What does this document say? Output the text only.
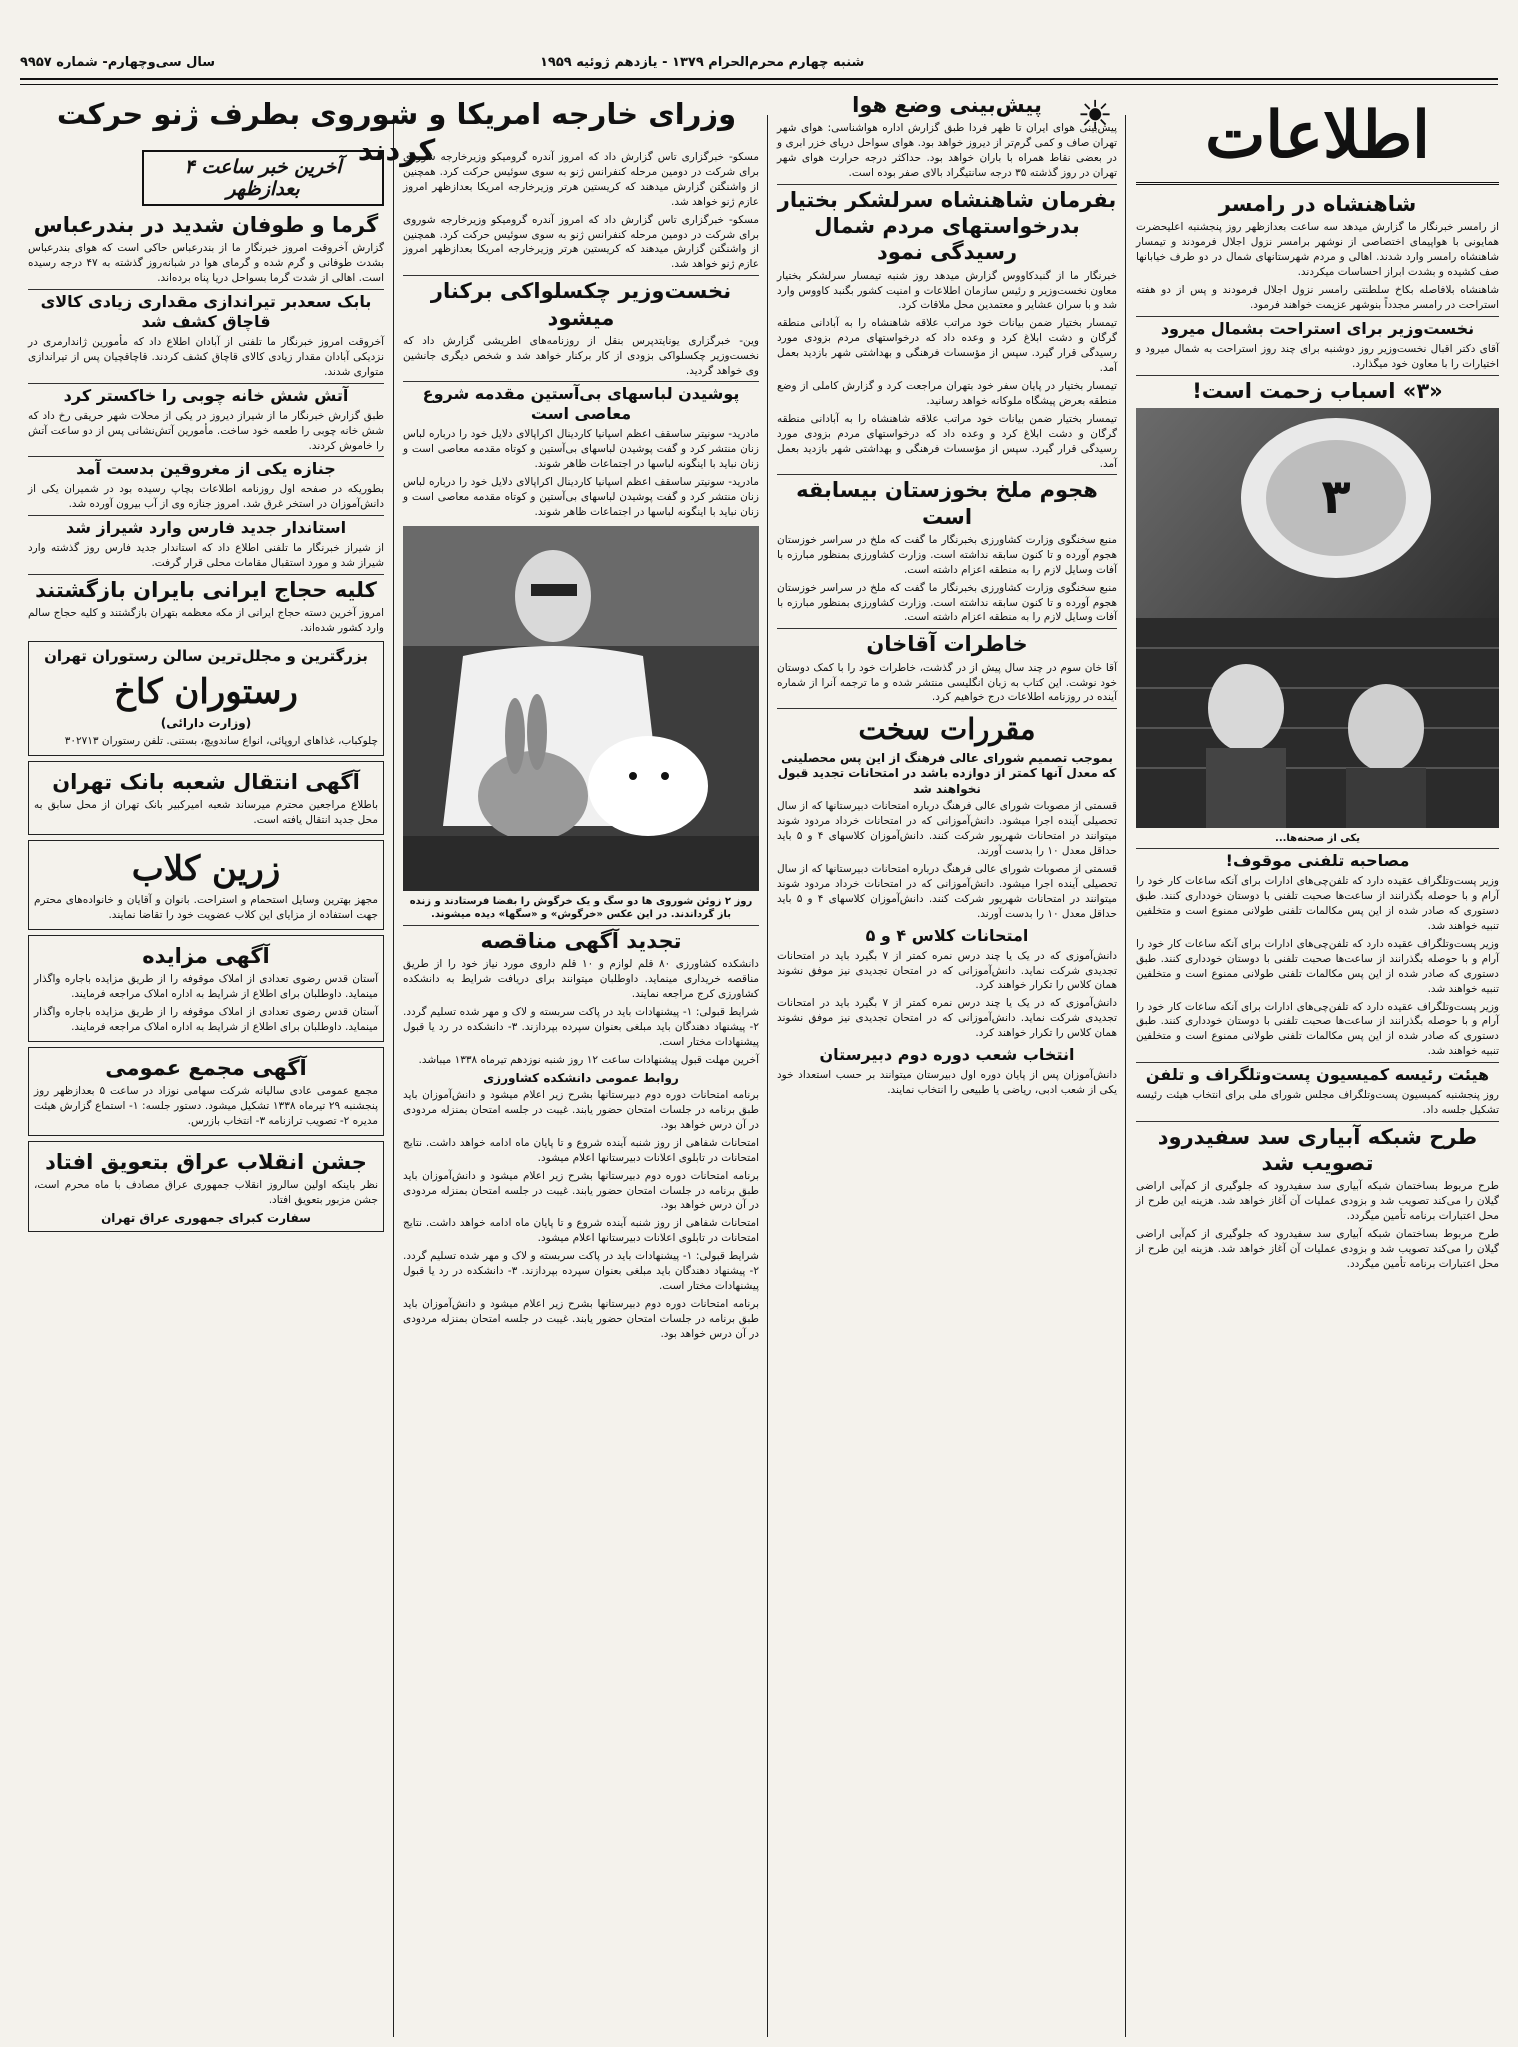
سال سی‌وچهارم- شماره ۹۹۵۷	شنبه چهارم محرم‌الحرام ۱۳۷۹ - یازدهم ژوئیه ۱۹۵۹
اطلاعات
شاهنشاه در رامسر

از رامسر خبرنگار ما گزارش میدهد سه ساعت بعدازظهر روز پنجشنبه اعلیحضرت همایونی با هواپیمای اختصاصی از نوشهر برامسر نزول اجلال فرمودند و تیمسار شاهنشاه رامسر وارد شدند. اهالی و مردم شهرستانهای شمال در دو طرف خیابانها صف کشیده و بشدت ابراز احساسات میکردند.

شاهنشاه بلافاصله بکاخ سلطنتی رامسر نزول اجلال فرمودند و پس از دو هفته استراحت در رامسر مجدداً بنوشهر عزیمت خواهند فرمود.

نخست‌وزیر برای استراحت بشمال میرود

آقای دکتر اقبال نخست‌وزیر روز دوشنبه برای چند روز استراحت به شمال میرود و اختیارات را با معاون خود میگذارد.

«۳» اسباب زحمت است!
۳
یکی از صحنه‌ها...
مصاحبه تلفنی موقوف!

وزیر پست‌وتلگراف عقیده دارد که تلفن‌چی‌های ادارات برای آنکه ساعات کار خود را آرام و با حوصله بگذرانند از ساعت‌ها صحبت تلفنی با دوستان خودداری کنند. طبق دستوری که صادر شده از این پس مکالمات تلفنی طولانی ممنوع است و متخلفین تنبیه خواهند شد.

وزیر پست‌وتلگراف عقیده دارد که تلفن‌چی‌های ادارات برای آنکه ساعات کار خود را آرام و با حوصله بگذرانند از ساعت‌ها صحبت تلفنی با دوستان خودداری کنند. طبق دستوری که صادر شده از این پس مکالمات تلفنی طولانی ممنوع است و متخلفین تنبیه خواهند شد.

وزیر پست‌وتلگراف عقیده دارد که تلفن‌چی‌های ادارات برای آنکه ساعات کار خود را آرام و با حوصله بگذرانند از ساعت‌ها صحبت تلفنی با دوستان خودداری کنند. طبق دستوری که صادر شده از این پس مکالمات تلفنی طولانی ممنوع است و متخلفین تنبیه خواهند شد.

هیئت رئیسه کمیسیون پست‌وتلگراف و تلفن

روز پنجشنبه کمیسیون پست‌وتلگراف مجلس شورای ملی برای انتخاب هیئت رئیسه تشکیل جلسه داد.

طرح شبکه آبیاری سد سفیدرود تصویب شد

طرح مربوط بساختمان شبکه آبیاری سد سفیدرود که جلوگیری از کم‌آبی اراضی گیلان را می‌کند تصویب شد و بزودی عملیات آن آغاز خواهد شد. هزینه این طرح از محل اعتبارات برنامه تأمین میگردد.

طرح مربوط بساختمان شبکه آبیاری سد سفیدرود که جلوگیری از کم‌آبی اراضی گیلان را می‌کند تصویب شد و بزودی عملیات آن آغاز خواهد شد. هزینه این طرح از محل اعتبارات برنامه تأمین میگردد.

وزرای خارجه امریکا و شوروی بطرف ژنو حرکت کردند
☀
پیش‌بینی وضع هوا

پیش‌بینی هوای ایران تا ظهر فردا طبق گزارش اداره هواشناسی: هوای شهر تهران صاف و کمی گرم‌تر از دیروز خواهد بود. هوای سواحل دریای خزر ابری و در بعضی نقاط همراه با باران خواهد بود. حداکثر درجه حرارت هوای شهر تهران در روز گذشته ۳۵ درجه سانتیگراد بالای صفر بوده است.

بفرمان شاهنشاه سرلشکر بختیار بدرخواستهای مردم شمال رسیدگی نمود

خبرنگار ما از گنبدکاووس گزارش میدهد روز شنبه تیمسار سرلشکر بختیار معاون نخست‌وزیر و رئیس سازمان اطلاعات و امنیت کشور بگنبد کاووس وارد شد و با سران عشایر و معتمدین محل ملاقات کرد.

تیمسار بختیار ضمن بیانات خود مراتب علاقه شاهنشاه را به آبادانی منطقه گرگان و دشت ابلاغ کرد و وعده داد که درخواستهای مردم بزودی مورد رسیدگی قرار گیرد. سپس از مؤسسات فرهنگی و بهداشتی شهر بازدید بعمل آمد.

تیمسار بختیار در پایان سفر خود بتهران مراجعت کرد و گزارش کاملی از وضع منطقه بعرض پیشگاه ملوکانه خواهد رسانید.

تیمسار بختیار ضمن بیانات خود مراتب علاقه شاهنشاه را به آبادانی منطقه گرگان و دشت ابلاغ کرد و وعده داد که درخواستهای مردم بزودی مورد رسیدگی قرار گیرد. سپس از مؤسسات فرهنگی و بهداشتی شهر بازدید بعمل آمد.

هجوم ملخ بخوزستان بیسابقه است

منبع سخنگوی وزارت کشاورزی بخبرنگار ما گفت که ملخ در سراسر خوزستان هجوم آورده و تا کنون سابقه نداشته است. وزارت کشاورزی بمنظور مبارزه با آفات وسایل لازم را به منطقه اعزام داشته است.

منبع سخنگوی وزارت کشاورزی بخبرنگار ما گفت که ملخ در سراسر خوزستان هجوم آورده و تا کنون سابقه نداشته است. وزارت کشاورزی بمنظور مبارزه با آفات وسایل لازم را به منطقه اعزام داشته است.

خاطرات آقاخان

آقا خان سوم در چند سال پیش از در گذشت، خاطرات خود را با کمک دوستان خود نوشت. این کتاب به زبان انگلیسی منتشر شده و ما ترجمه آنرا از شماره آینده در روزنامه اطلاعات درج خواهیم کرد.

مقررات سخت
بموجب تصمیم شورای عالی فرهنگ از این پس محصلینی که معدل آنها کمتر از دوازده باشد در امتحانات تجدید قبول نخواهند شد

قسمتی از مصوبات شورای عالی فرهنگ درباره امتحانات دبیرستانها که از سال تحصیلی آینده اجرا میشود. دانش‌آموزانی که در امتحانات خرداد مردود شوند میتوانند در امتحانات شهریور شرکت کنند. دانش‌آموزان کلاسهای ۴ و ۵ باید حداقل معدل ۱۰ را بدست آورند.

قسمتی از مصوبات شورای عالی فرهنگ درباره امتحانات دبیرستانها که از سال تحصیلی آینده اجرا میشود. دانش‌آموزانی که در امتحانات خرداد مردود شوند میتوانند در امتحانات شهریور شرکت کنند. دانش‌آموزان کلاسهای ۴ و ۵ باید حداقل معدل ۱۰ را بدست آورند.

امتحانات کلاس ۴ و ۵

دانش‌آموزی که در یک یا چند درس نمره کمتر از ۷ بگیرد باید در امتحانات تجدیدی شرکت نماید. دانش‌آموزانی که در امتحان تجدیدی نیز موفق نشوند همان کلاس را تکرار خواهند کرد.

دانش‌آموزی که در یک یا چند درس نمره کمتر از ۷ بگیرد باید در امتحانات تجدیدی شرکت نماید. دانش‌آموزانی که در امتحان تجدیدی نیز موفق نشوند همان کلاس را تکرار خواهند کرد.

انتخاب شعب دوره دوم دبیرستان

دانش‌آموزان پس از پایان دوره اول دبیرستان میتوانند بر حسب استعداد خود یکی از شعب ادبی، ریاضی یا طبیعی را انتخاب نمایند.

مسکو- خبرگزاری تاس گزارش داد که امروز آندره گرومیکو وزیرخارجه شوروی برای شرکت در دومین مرحله کنفرانس ژنو به سوی سوئیس حرکت کرد. همچنین از واشنگتن گزارش میدهند که کریستین هرتر وزیرخارجه امریکا بعدازظهر امروز عازم ژنو خواهد شد.

مسکو- خبرگزاری تاس گزارش داد که امروز آندره گرومیکو وزیرخارجه شوروی برای شرکت در دومین مرحله کنفرانس ژنو به سوی سوئیس حرکت کرد. همچنین از واشنگتن گزارش میدهند که کریستین هرتر وزیرخارجه امریکا بعدازظهر امروز عازم ژنو خواهد شد.

نخست‌وزیر چکسلواکی برکنار میشود

وین- خبرگزاری یونایتدپرس بنقل از روزنامه‌های اطریشی گزارش داد که نخست‌وزیر چکسلواکی بزودی از کار برکنار خواهد شد و شخص دیگری جانشین وی خواهد گردید.

پوشیدن لباسهای بی‌آستین مقدمه شروع معاصی است

مادرید- سونیتر ساسقف اعظم اسپانیا کاردینال اکراپالای دلایل خود را درباره لباس زنان منتشر کرد و گفت پوشیدن لباسهای بی‌آستین و کوتاه مقدمه معاصی است و زنان نباید با اینگونه لباسها در اجتماعات ظاهر شوند.

مادرید- سونیتر ساسقف اعظم اسپانیا کاردینال اکراپالای دلایل خود را درباره لباس زنان منتشر کرد و گفت پوشیدن لباسهای بی‌آستین و کوتاه مقدمه معاصی است و زنان نباید با اینگونه لباسها در اجتماعات ظاهر شوند.

روز ۲ زوئن شوروی ها دو سگ و یک خرگوش را بفضا فرستادند و زنده باز گرداندند. در این عکس «خرگوش» و «سگها» دیده میشوند.
تجدید آگهی مناقصه

دانشکده کشاورزی ۸۰ قلم لوازم و ۱۰ قلم داروی مورد نیاز خود را از طریق مناقصه خریداری مینماید. داوطلبان میتوانند برای دریافت شرایط به دانشکده کشاورزی کرج مراجعه نمایند.

شرایط قبولی: ۱- پیشنهادات باید در پاکت سربسته و لاک و مهر شده تسلیم گردد. ۲- پیشنهاد دهندگان باید مبلغی بعنوان سپرده بپردازند. ۳- دانشکده در رد یا قبول پیشنهادات مختار است.

آخرین مهلت قبول پیشنهادات ساعت ۱۲ روز شنبه نوزدهم تیرماه ۱۳۳۸ میباشد.

روابط عمومی دانشکده کشاورزی

برنامه امتحانات دوره دوم دبیرستانها بشرح زیر اعلام میشود و دانش‌آموزان باید طبق برنامه در جلسات امتحان حضور یابند. غیبت در جلسه امتحان بمنزله مردودی در آن درس خواهد بود.

امتحانات شفاهی از روز شنبه آینده شروع و تا پایان ماه ادامه خواهد داشت. نتایج امتحانات در تابلوی اعلانات دبیرستانها اعلام میشود.

برنامه امتحانات دوره دوم دبیرستانها بشرح زیر اعلام میشود و دانش‌آموزان باید طبق برنامه در جلسات امتحان حضور یابند. غیبت در جلسه امتحان بمنزله مردودی در آن درس خواهد بود.

امتحانات شفاهی از روز شنبه آینده شروع و تا پایان ماه ادامه خواهد داشت. نتایج امتحانات در تابلوی اعلانات دبیرستانها اعلام میشود.

شرایط قبولی: ۱- پیشنهادات باید در پاکت سربسته و لاک و مهر شده تسلیم گردد. ۲- پیشنهاد دهندگان باید مبلغی بعنوان سپرده بپردازند. ۳- دانشکده در رد یا قبول پیشنهادات مختار است.

برنامه امتحانات دوره دوم دبیرستانها بشرح زیر اعلام میشود و دانش‌آموزان باید طبق برنامه در جلسات امتحان حضور یابند. غیبت در جلسه امتحان بمنزله مردودی در آن درس خواهد بود.

آخرین خبر ساعت ۴ بعدازظهر
گرما و طوفان شدید در بندرعباس

گزارش آخروقت امروز خبرنگار ما از بندرعباس حاکی است که هوای بندرعباس بشدت طوفانی و گرم شده و گرمای هوا در شبانه‌روز گذشته به ۴۷ درجه رسیده است. اهالی از شدت گرما بسواحل دریا پناه برده‌اند.

بابک سعدبر تیراندازی مقداری زیادی کالای قاچاق کشف شد

آخروقت امروز خبرنگار ما تلفنی از آبادان اطلاع داد که مأمورین ژاندارمری در نزدیکی آبادان مقدار زیادی کالای قاچاق کشف کردند. قاچاقچیان پس از تیراندازی متواری شدند.

آتش شش خانه چوبی را خاکستر کرد

طبق گزارش خبرنگار ما از شیراز دیروز در یکی از محلات شهر حریقی رخ داد که شش خانه چوبی را طعمه خود ساخت. مأمورین آتش‌نشانی پس از دو ساعت آتش را خاموش کردند.

جنازه یکی از مغروقین بدست آمد

بطوریکه در صفحه اول روزنامه اطلاعات بچاپ رسیده بود در شمیران یکی از دانش‌آموزان در استخر غرق شد. امروز جنازه وی از آب بیرون آورده شد.

استاندار جدید فارس وارد شیراز شد

از شیراز خبرنگار ما تلفنی اطلاع داد که استاندار جدید فارس روز گذشته وارد شیراز شد و مورد استقبال مقامات محلی قرار گرفت.

کلیه حجاج ایرانی بایران بازگشتند

امروز آخرین دسته حجاج ایرانی از مکه معظمه بتهران بازگشتند و کلیه حجاج سالم وارد کشور شده‌اند.

بزرگترین و مجلل‌ترین سالن رستوران تهران
رستوران کاخ
(وزارت دارائی)

چلوکباب، غذاهای اروپائی، انواع ساندویچ، بستنی. تلفن رستوران ۳۰۲۷۱۳

آگهی انتقال شعبه بانک تهران

باطلاع مراجعین محترم میرساند شعبه امیرکبیر بانک تهران از محل سابق به محل جدید انتقال یافته است.

زرین کلاب

مجهز بهترین وسایل استحمام و استراحت. بانوان و آقایان و خانواده‌های محترم جهت استفاده از مزایای این کلاب عضویت خود را تقاضا نمایند.

آگهی مزایده

آستان قدس رضوی تعدادی از املاک موقوفه را از طریق مزایده باجاره واگذار مینماید. داوطلبان برای اطلاع از شرایط به اداره املاک مراجعه فرمایند.

آستان قدس رضوی تعدادی از املاک موقوفه را از طریق مزایده باجاره واگذار مینماید. داوطلبان برای اطلاع از شرایط به اداره املاک مراجعه فرمایند.

آگهی مجمع عمومی

مجمع عمومی عادی سالیانه شرکت سهامی نوزاد در ساعت ۵ بعدازظهر روز پنجشنبه ۲۹ تیرماه ۱۳۳۸ تشکیل میشود. دستور جلسه: ۱- استماع گزارش هیئت مدیره ۲- تصویب ترازنامه ۳- انتخاب بازرس.

جشن انقلاب عراق بتعویق افتاد

نظر باینکه اولین سالروز انقلاب جمهوری عراق مصادف با ماه محرم است، جشن مزبور بتعویق افتاد.

سفارت کبرای جمهوری عراق تهران
